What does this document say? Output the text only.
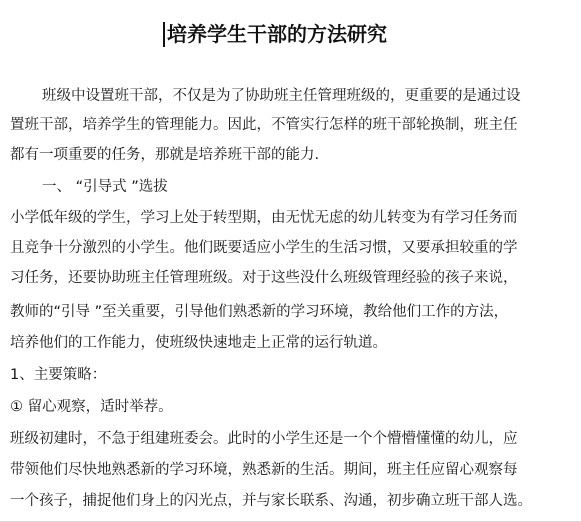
培养学生干部的方法研究
班级中设置班干部，不仅是为了协助班主任管理班级的，更重要的是通过设
置班干部，培养学生的管理能力。因此，不管实行怎样的班干部轮换制，班主任
都有一项重要的任务，那就是培养班干部的能力.
一、 “引导式 ”选拔
小学低年级的学生，学习上处于转型期，由无忧无虑的幼儿转变为有学习任务而
且竞争十分激烈的小学生。他们既要适应小学生的生活习惯，又要承担较重的学
习任务，还要协助班主任管理班级。对于这些没什么班级管理经验的孩子来说，
教师的“引导 ”至关重要，引导他们熟悉新的学习环境，教给他们工作的方法，
培养他们的工作能力，使班级快速地走上正常的运行轨道。
1、主要策略：
① 留心观察，适时举荐。
班级初建时，不急于组建班委会。此时的小学生还是一个个懵懵懂懂的幼儿，应
带领他们尽快地熟悉新的学习环境，熟悉新的生活。期间，班主任应留心观察每
一个孩子，捕捉他们身上的闪光点，并与家长联系、沟通，初步确立班干部人选。
